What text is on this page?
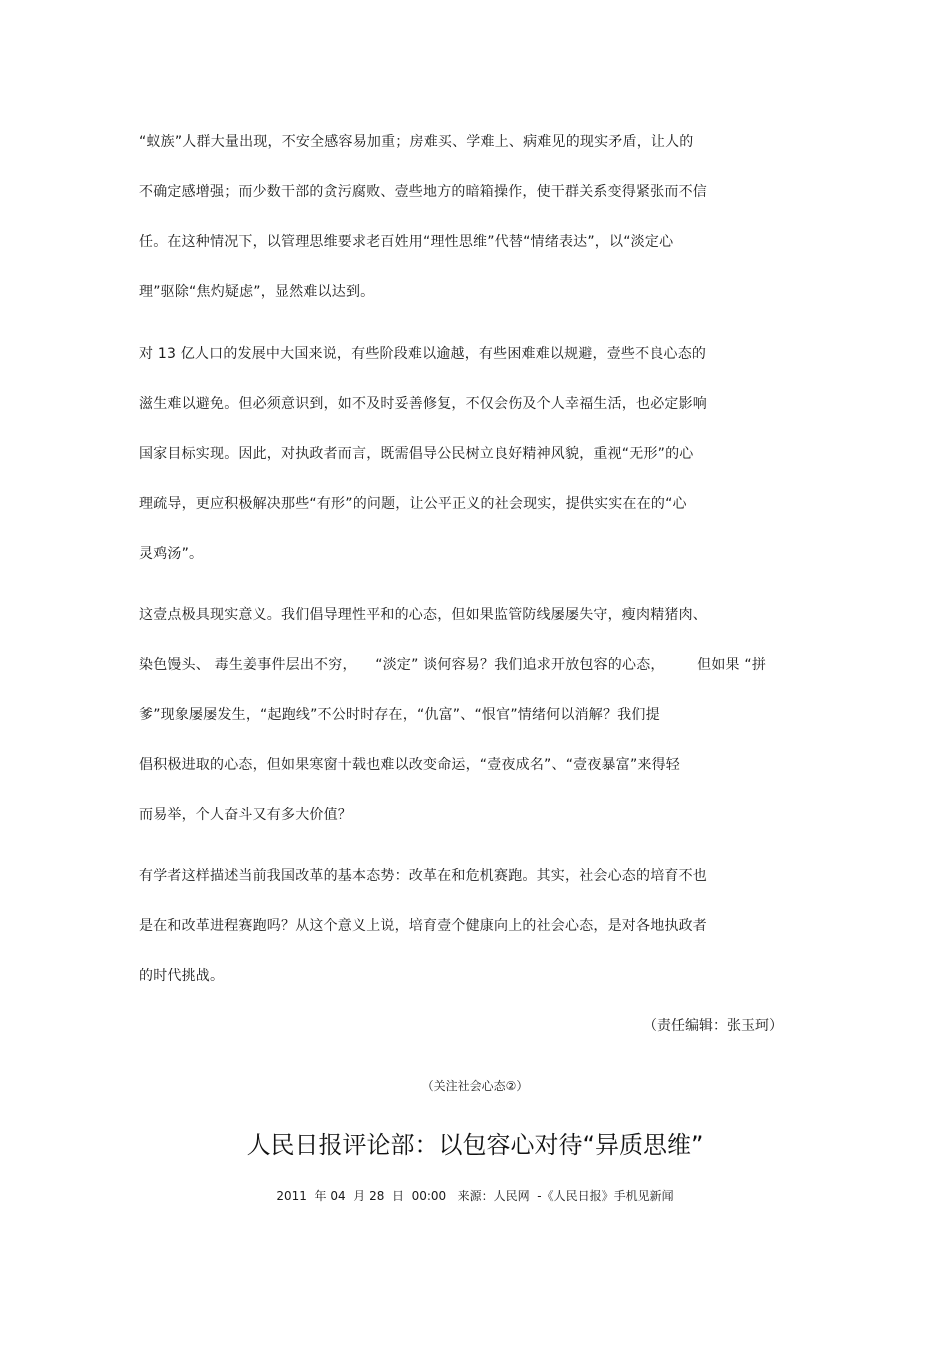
“蚁族”人群大量出现，不安全感容易加重；房难买、学难上、病难见的现实矛盾，让人的
不确定感增强；而少数干部的贪污腐败、壹些地方的暗箱操作，使干群关系变得紧张而不信
任。在这种情况下，以管理思维要求老百姓用“理性思维”代替“情绪表达”，以“淡定心
理”驱除“焦灼疑虑”，显然难以达到。
对 13 亿人口的发展中大国来说，有些阶段难以逾越，有些困难难以规避，壹些不良心态的
滋生难以避免。但必须意识到，如不及时妥善修复，不仅会伤及个人幸福生活，也必定影响
国家目标实现。因此，对执政者而言，既需倡导公民树立良好精神风貌，重视“无形”的心
理疏导，更应积极解决那些“有形”的问题，让公平正义的社会现实，提供实实在在的“心
灵鸡汤”。
这壹点极具现实意义。我们倡导理性平和的心态，但如果监管防线屡屡失守，瘦肉精猪肉、
染色馒头、 毒生姜事件层出不穷，    “淡定” 谈何容易？我们追求开放包容的心态，       但如果 “拼
爹”现象屡屡发生，“起跑线”不公时时存在，“仇富”、“恨官”情绪何以消解？我们提
倡积极进取的心态，但如果寒窗十载也难以改变命运，“壹夜成名”、“壹夜暴富”来得轻
而易举，个人奋斗又有多大价值？
有学者这样描述当前我国改革的基本态势：改革在和危机赛跑。其实，社会心态的培育不也
是在和改革进程赛跑吗？从这个意义上说，培育壹个健康向上的社会心态，是对各地执政者
的时代挑战。
（责任编辑：张玉珂）
（关注社会心态②）
人民日报评论部：以包容心对待“异质思维”
2011  年 04  月 28  日  00:00   来源：人民网  -《人民日报》手机见新闻
